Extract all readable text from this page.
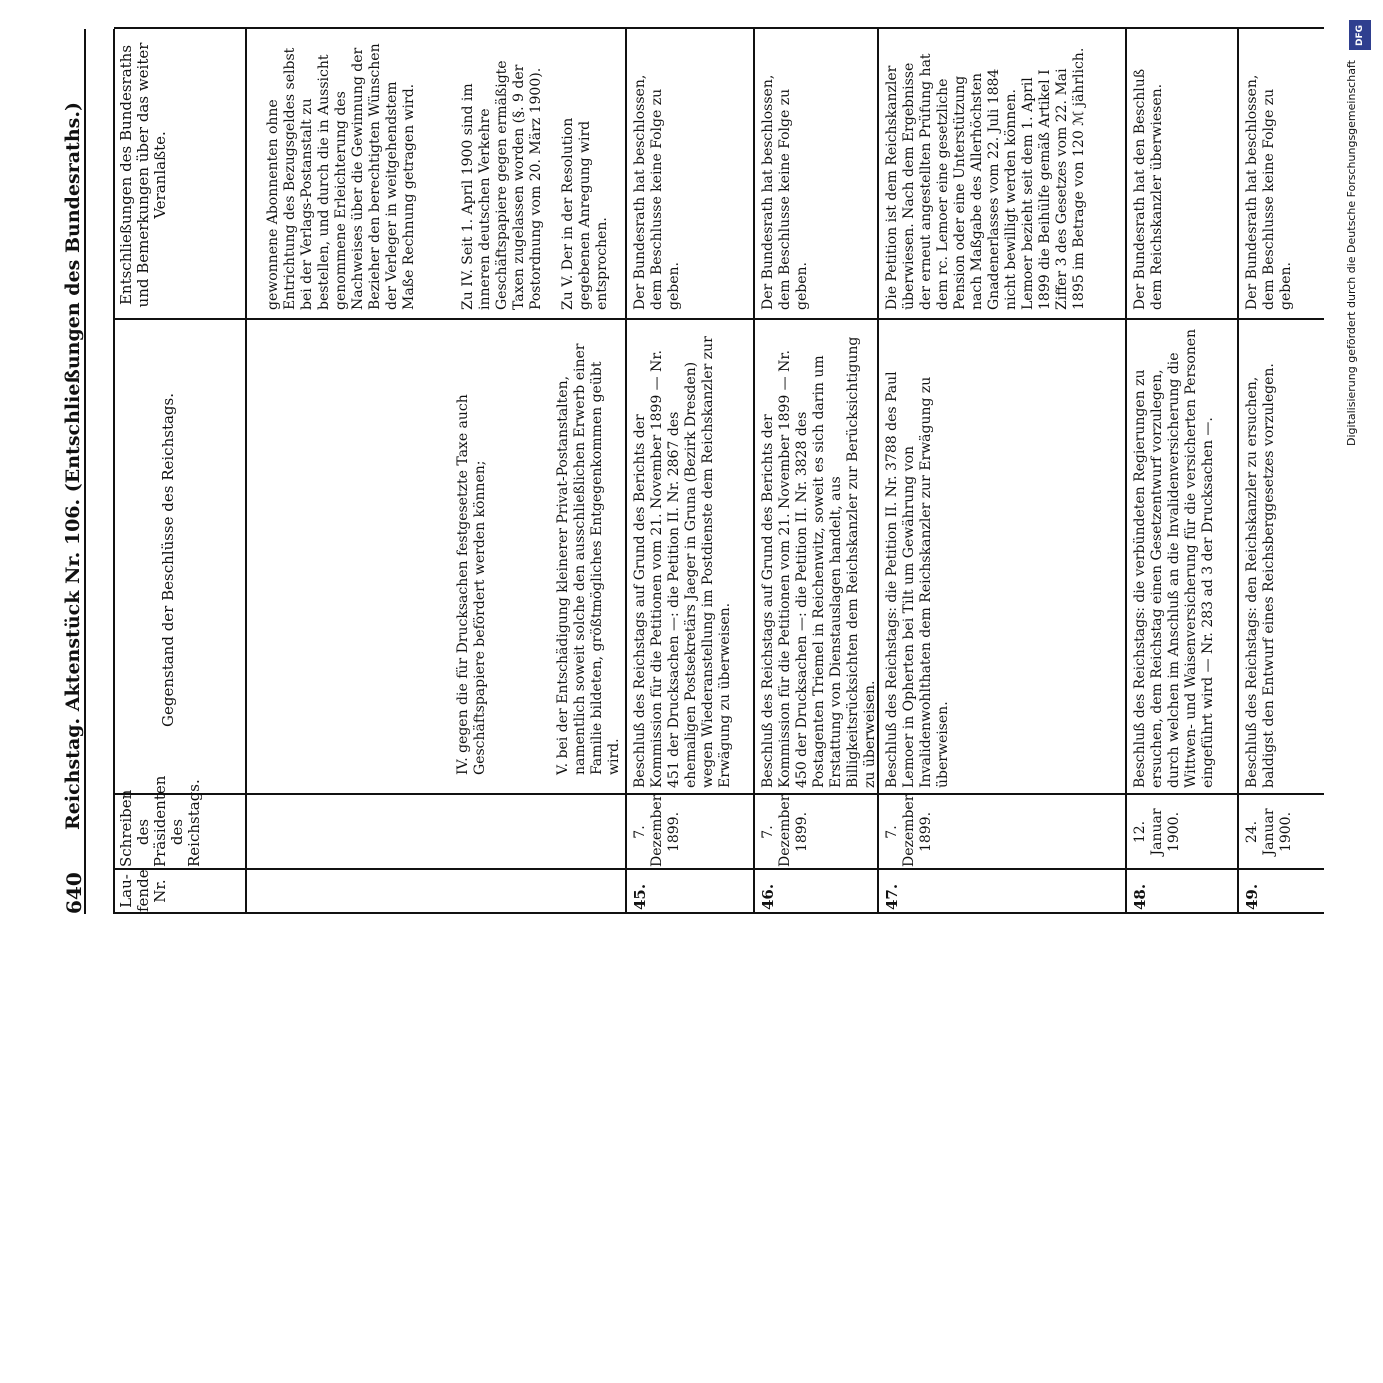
640
Reichstag. Aktenstück Nr. 106. (Entschließungen des Bundesraths.)
Lau-fende Nr.
Schreiben des Präsidenten des Reichstags.
Gegenstand der Beschlüsse des Reichstags.
Entschließungen des Bundesraths und Bemerkungen über das weiter Veranlaßte.
IV. gegen die für Drucksachen festgesetzte Taxe auch Geschäftspapiere befördert werden können;	V. bei der Entschädigung kleinerer Privat-Postanstalten, namentlich soweit solche den ausschließlichen Erwerb einer Familie bildeten, größtmögliches Entgegenkommen geübt wird.
gewonnene Abonnenten ohne Entrichtung des Bezugsgeldes selbst bei der Verlags-Postanstalt zu bestellen, und durch die in Aussicht genommene Erleichterung des Nachweises über die Gewinnung der Bezieher den berechtigten Wünschen der Verleger in weitgehendstem Maße Rechnung getragen wird.	Zu IV. Seit 1. April 1900 sind im inneren deutschen Verkehre Geschäftspapiere gegen ermäßigte Taxen zugelassen worden (§. 9 der Postordnung vom 20. März 1900). Zu V. Der in der Resolution gegebenen Anregung wird entsprochen.
45.
7. Dezember 1899.
Beschluß des Reichstags auf Grund des Berichts der Kommission für die Petitionen vom 21. November 1899 — Nr. 451 der Drucksachen —: die Petition II. Nr. 2867 des ehemaligen Postsekretärs Jaeger in Gruna (Bezirk Dresden) wegen Wiederanstellung im Postdienste dem Reichskanzler zur Erwägung zu überweisen.
Der Bundesrath hat beschlossen, dem Beschlusse keine Folge zu geben.
46.
7. Dezember 1899.
Beschluß des Reichstags auf Grund des Berichts der Kommission für die Petitionen vom 21. November 1899 — Nr. 450 der Drucksachen —: die Petition II. Nr. 3828 des Postagenten Triemel in Reichenwitz, soweit es sich darin um Erstattung von Dienstauslagen handelt, aus Billigkeitsrücksichten dem Reichskanzler zur Berücksichtigung zu überweisen.
Der Bundesrath hat beschlossen, dem Beschlusse keine Folge zu geben.
47.
7. Dezember 1899.
Beschluß des Reichstags: die Petition II. Nr. 3788 des Paul Lemoer in Opherten bei Tilt um Gewährung von Invalidenwohlthaten dem Reichskanzler zur Erwägung zu überweisen.
Die Petition ist dem Reichskanzler überwiesen. Nach dem Ergebnisse der erneut angestellten Prüfung hat dem rc. Lemoer eine gesetzliche Pension oder eine Unterstützung nach Maßgabe des Allerhöchsten Gnadenerlasses vom 22. Juli 1884 nicht bewilligt werden können. Lemoer bezieht seit dem 1. April 1899 die Beihülfe gemäß Artikel I Ziffer 3 des Gesetzes vom 22. Mai 1895 im Betrage von 120 ℳ jährlich.
48.
12. Januar 1900.
Beschluß des Reichstags: die verbündeten Regierungen zu ersuchen, dem Reichstag einen Gesetzentwurf vorzulegen, durch welchen im Anschluß an die Invalidenversicherung die Wittwen- und Waisenversicherung für die versicherten Personen eingeführt wird — Nr. 283 ad 3 der Drucksachen —.
Der Bundesrath hat den Beschluß dem Reichskanzler überwiesen.
49.
24. Januar 1900.
Beschluß des Reichstags: den Reichskanzler zu ersuchen, baldigst den Entwurf eines Reichsberggesetzes vorzulegen.
Der Bundesrath hat beschlossen, dem Beschlusse keine Folge zu geben.
DFG
Digitalisierung gefördert durch die Deutsche Forschungsgemeinschaft
